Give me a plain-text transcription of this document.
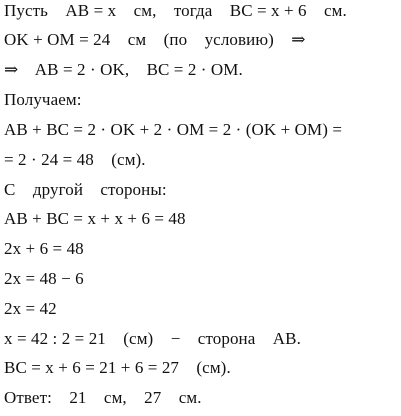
Пусть    AB = x    см,    тогда    BC = x + 6    см.
OK + OM = 24    см    (по    условию)    ⇒
⇒    AB = 2 · OK,    BC = 2 · OM.
Получаем:
AB + BC = 2 · OK + 2 · OM = 2 · (OK + OM) =
= 2 · 24 = 48    (см).
С    другой    стороны:
AB + BC = x + x + 6 = 48
2x + 6 = 48
2x = 48 − 6
2x = 42
x = 42 : 2 = 21    (см)    −    сторона    AB.
BC = x + 6 = 21 + 6 = 27    (см).
Ответ:    21    см,    27    см.
